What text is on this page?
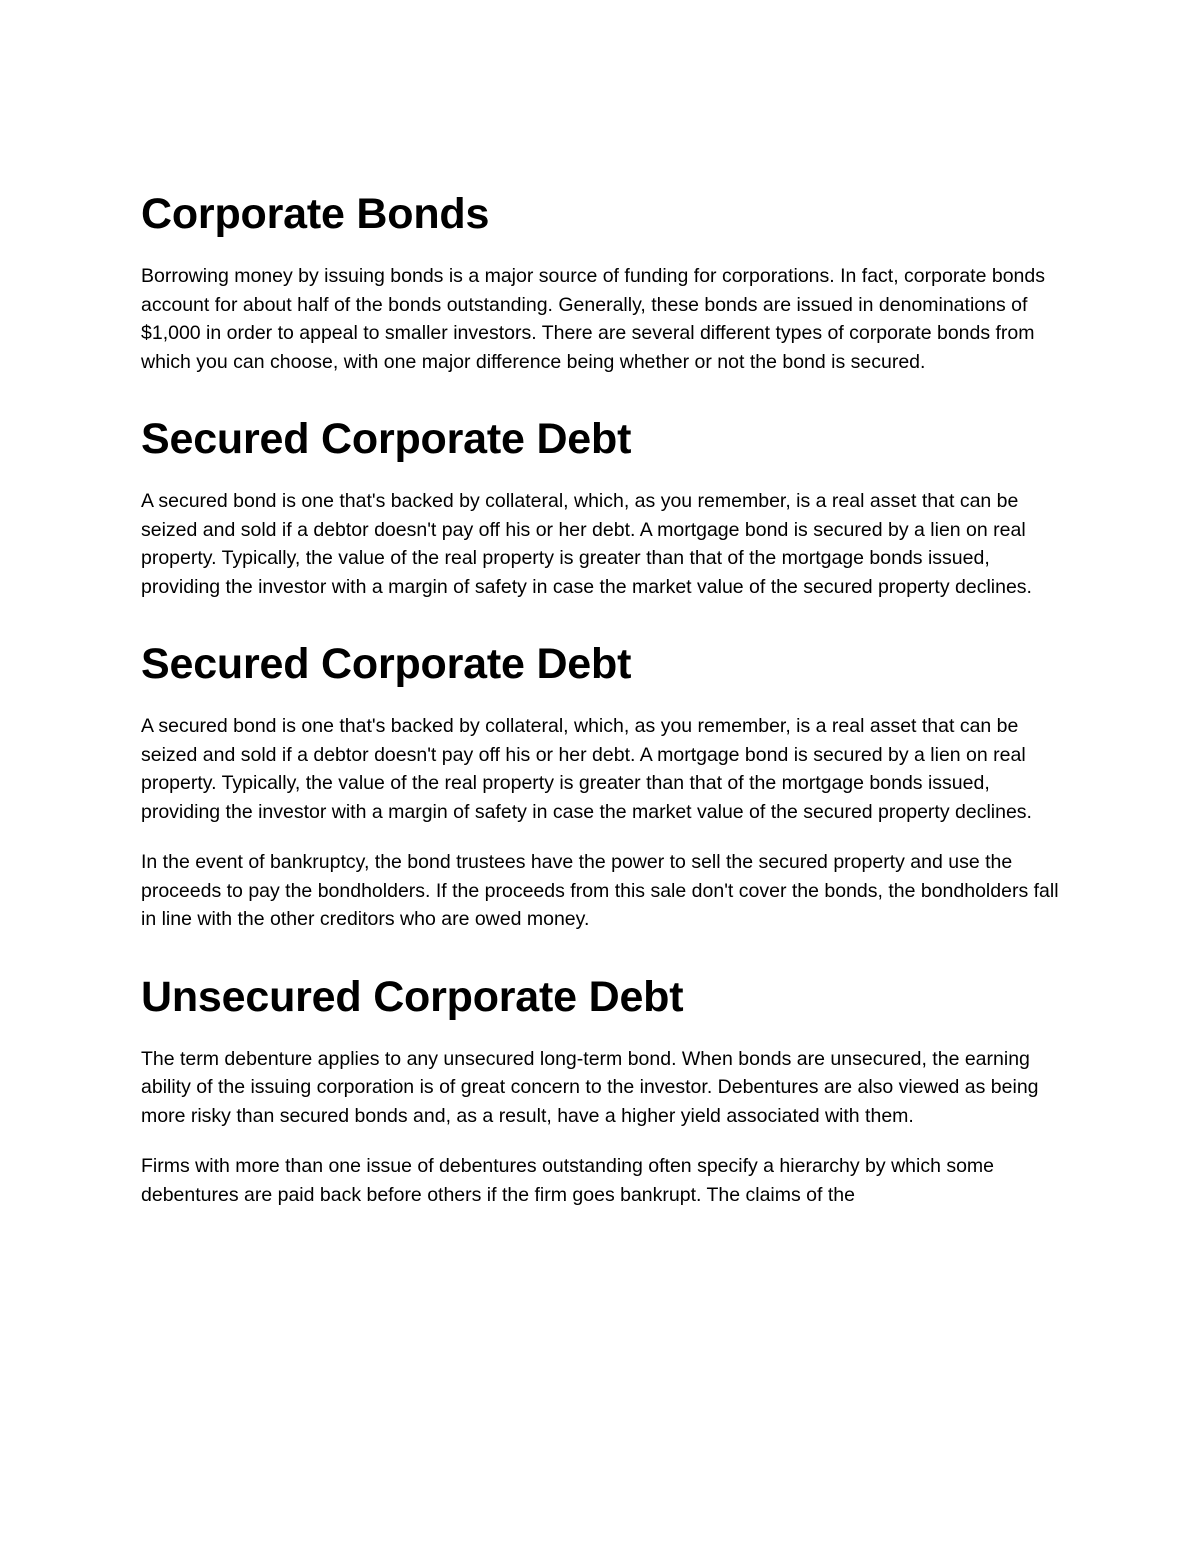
Corporate Bonds

Borrowing money by issuing bonds is a major source of funding for corporations. In fact, corporate bonds account for about half of the bonds outstanding. Generally, these bonds are issued in denominations of $1,000 in order to appeal to smaller investors. There are several different types of corporate bonds from which you can choose, with one major difference being whether or not the bond is secured.

Secured Corporate Debt

A secured bond is one that's backed by collateral, which, as you remember, is a real asset that can be seized and sold if a debtor doesn't pay off his or her debt. A mortgage bond is secured by a lien on real property. Typically, the value of the real property is greater than that of the mortgage bonds issued, providing the investor with a margin of safety in case the market value of the secured property declines.

Secured Corporate Debt

A secured bond is one that's backed by collateral, which, as you remember, is a real asset that can be seized and sold if a debtor doesn't pay off his or her debt. A mortgage bond is secured by a lien on real property. Typically, the value of the real property is greater than that of the mortgage bonds issued, providing the investor with a margin of safety in case the market value of the secured property declines.

In the event of bankruptcy, the bond trustees have the power to sell the secured property and use the proceeds to pay the bondholders. If the proceeds from this sale don't cover the bonds, the bondholders fall in line with the other creditors who are owed money.

Unsecured Corporate Debt

The term debenture applies to any unsecured long-term bond. When bonds are unsecured, the earning ability of the issuing corporation is of great concern to the investor. Debentures are also viewed as being more risky than secured bonds and, as a result, have a higher yield associated with them.

Firms with more than one issue of debentures outstanding often specify a hierarchy by which some debentures are paid back before others if the firm goes bankrupt. The claims of the
